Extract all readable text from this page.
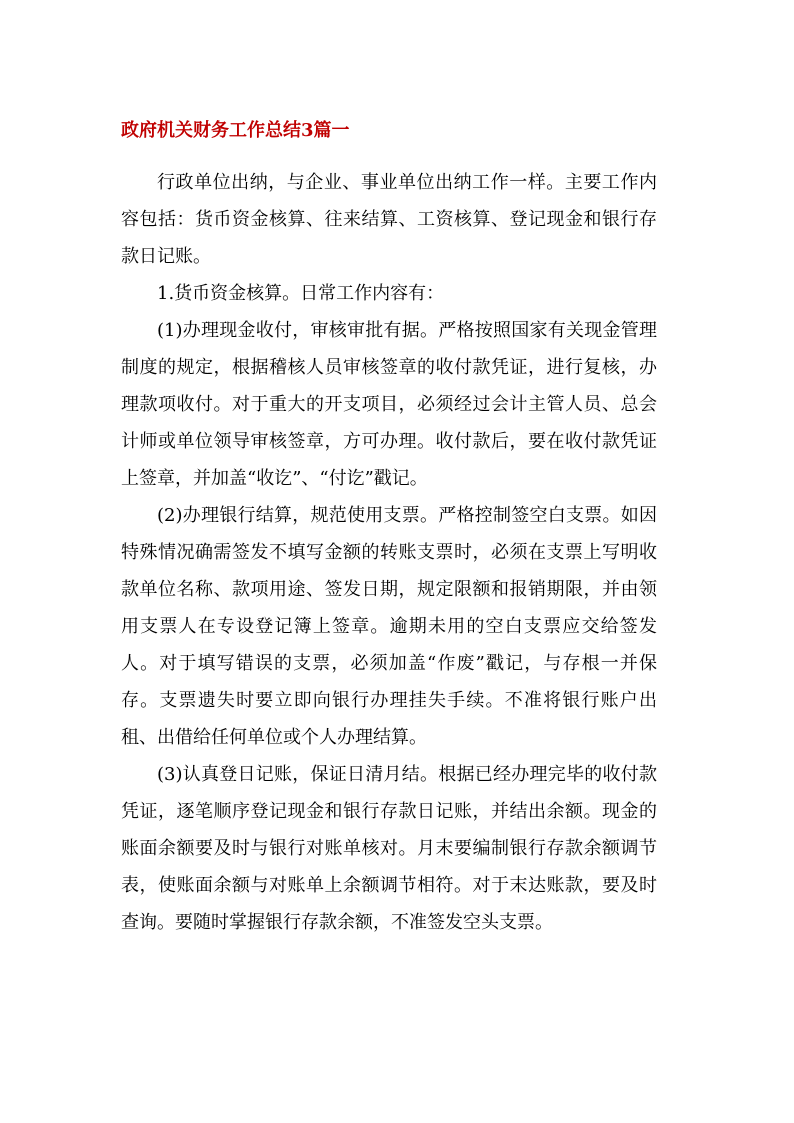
政府机关财务工作总结3篇一

行政单位出纳，与企业、事业单位出纳工作一样。主要工作内容包括：货币资金核算、往来结算、工资核算、登记现金和银行存款日记账。

1.货币资金核算。日常工作内容有：

(1)办理现金收付，审核审批有据。严格按照国家有关现金管理制度的规定，根据稽核人员审核签章的收付款凭证，进行复核，办理款项收付。对于重大的开支项目，必须经过会计主管人员、总会计师或单位领导审核签章，方可办理。收付款后，要在收付款凭证上签章，并加盖“收讫”、“付讫”戳记。

(2)办理银行结算，规范使用支票。严格控制签空白支票。如因特殊情况确需签发不填写金额的转账支票时，必须在支票上写明收款单位名称、款项用途、签发日期，规定限额和报销期限，并由领用支票人在专设登记簿上签章。逾期未用的空白支票应交给签发人。对于填写错误的支票，必须加盖“作废”戳记，与存根一并保存。支票遗失时要立即向银行办理挂失手续。不准将银行账户出租、出借给任何单位或个人办理结算。

(3)认真登日记账，保证日清月结。根据已经办理完毕的收付款凭证，逐笔顺序登记现金和银行存款日记账，并结出余额。现金的账面余额要及时与银行对账单核对。月末要编制银行存款余额调节表，使账面余额与对账单上余额调节相符。对于末达账款，要及时查询。要随时掌握银行存款余额，不准签发空头支票。
